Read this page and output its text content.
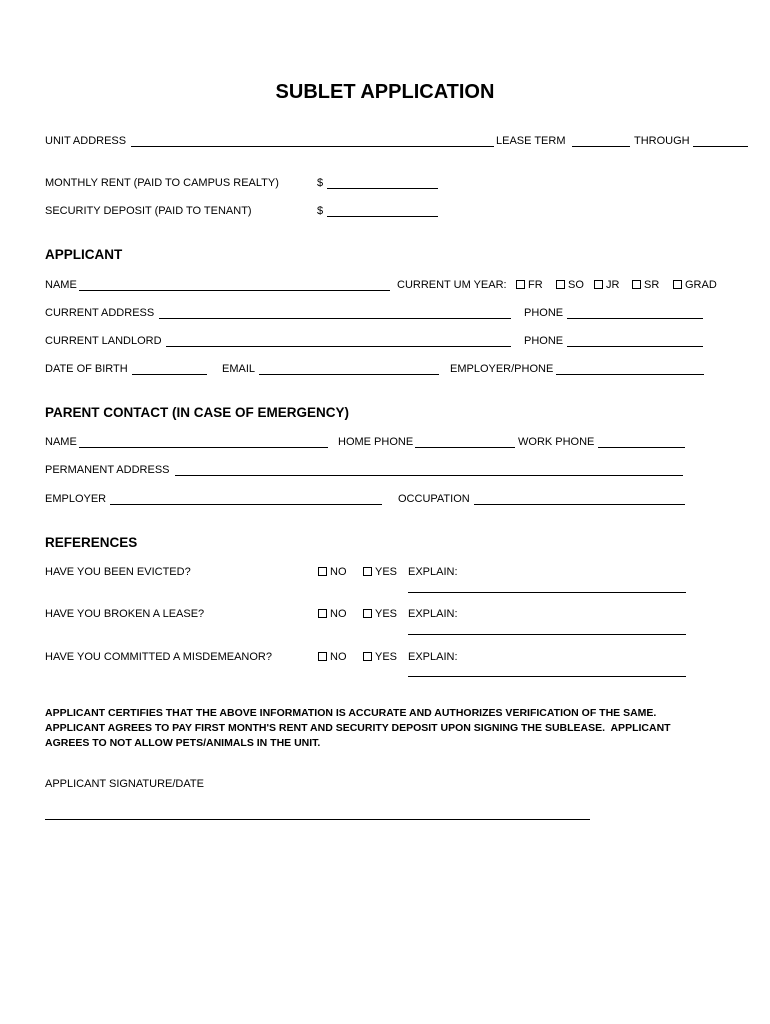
SUBLET APPLICATION
UNIT ADDRESS	LEASE TERM	THROUGH
MONTHLY RENT (PAID TO CAMPUS REALTY)	$
SECURITY DEPOSIT (PAID TO TENANT)	$
APPLICANT
NAME	CURRENT UM YEAR:	FR	SO	JR	SR	GRAD
CURRENT ADDRESS	PHONE
CURRENT LANDLORD	PHONE
DATE OF BIRTH	EMAIL	EMPLOYER/PHONE
PARENT CONTACT (IN CASE OF EMERGENCY)
NAME	HOME PHONE	WORK PHONE
PERMANENT ADDRESS
EMPLOYER	OCCUPATION
REFERENCES
HAVE YOU BEEN EVICTED?	NO	YES EXPLAIN:
HAVE YOU BROKEN A LEASE?	NO	YES EXPLAIN:
HAVE YOU COMMITTED A MISDEMEANOR?	NO	YES EXPLAIN:
APPLICANT CERTIFIES THAT THE ABOVE INFORMATION IS ACCURATE AND AUTHORIZES VERIFICATION OF THE SAME.
APPLICANT AGREES TO PAY FIRST MONTH'S RENT AND SECURITY DEPOSIT UPON SIGNING THE SUBLEASE.  APPLICANT
AGREES TO NOT ALLOW PETS/ANIMALS IN THE UNIT.
APPLICANT SIGNATURE/DATE
